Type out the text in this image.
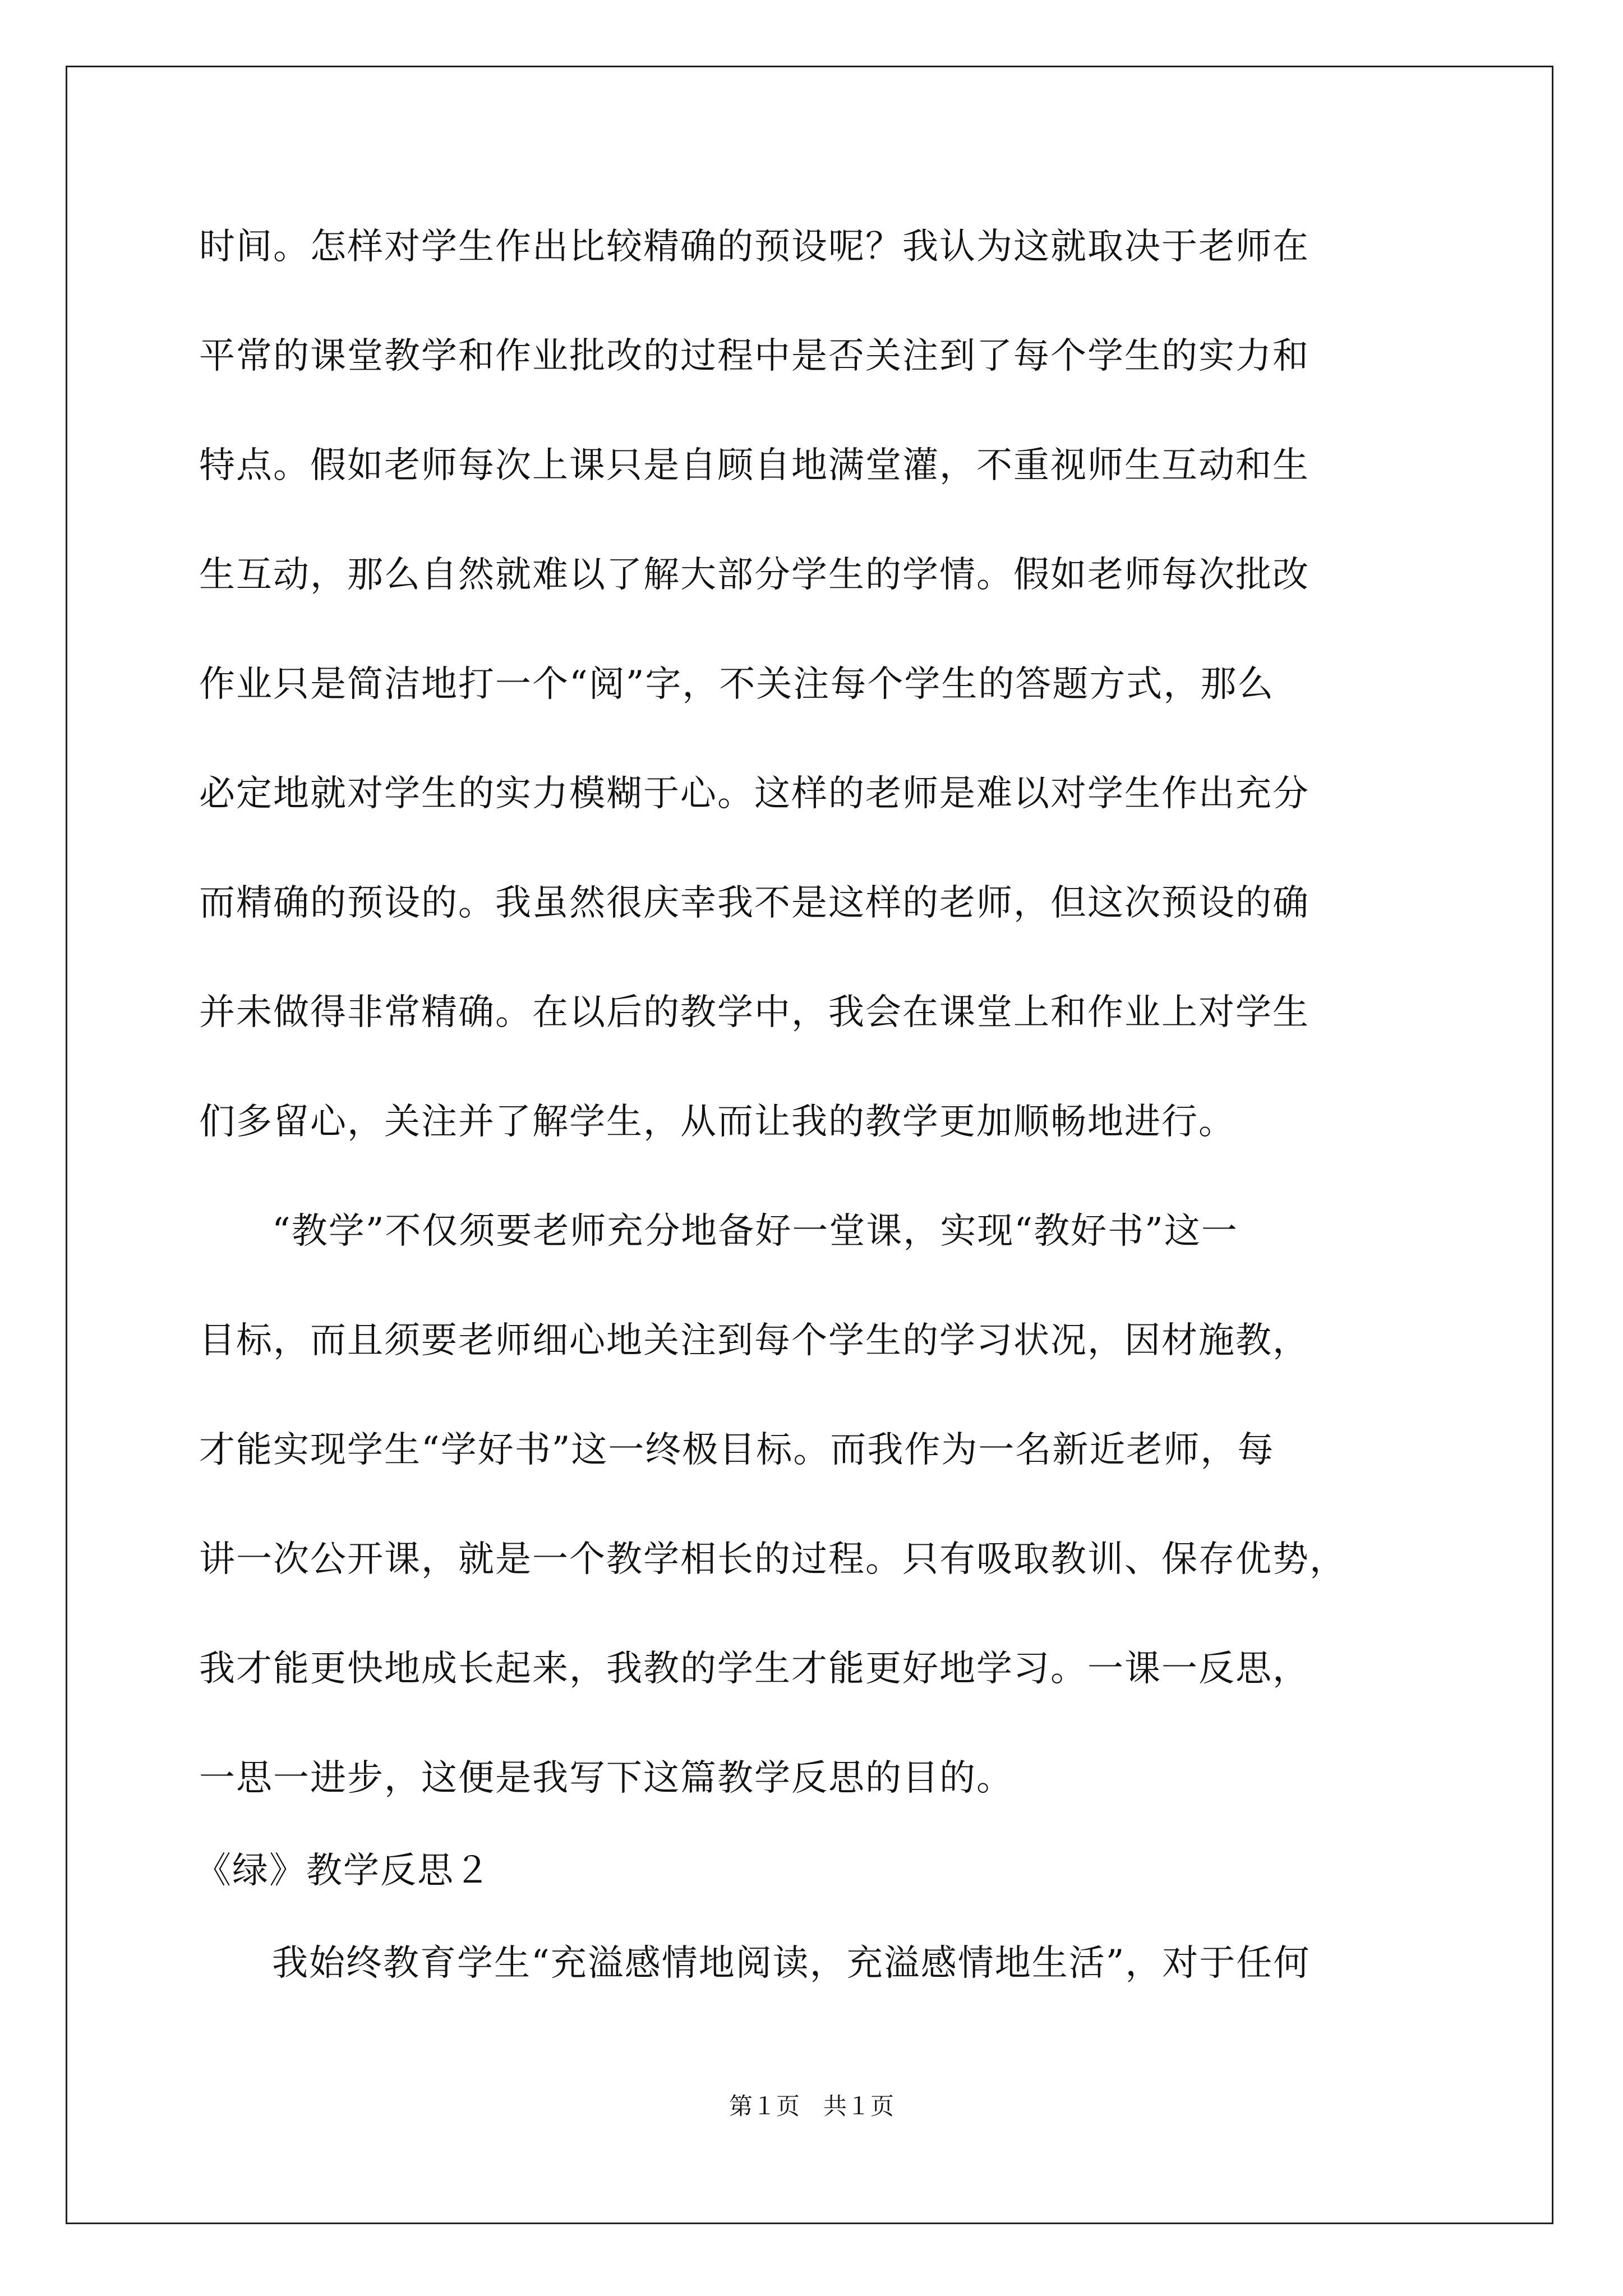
时间。怎样对学生作出比较精确的预设呢？我认为这就取决于老师在
平常的课堂教学和作业批改的过程中是否关注到了每个学生的实力和
特点。假如老师每次上课只是自顾自地满堂灌，不重视师生互动和生
生互动，那么自然就难以了解大部分学生的学情。假如老师每次批改
作业只是简洁地打一个“阅”字，不关注每个学生的答题方式，那么
必定地就对学生的实力模糊于心。这样的老师是难以对学生作出充分
而精确的预设的。我虽然很庆幸我不是这样的老师，但这次预设的确
并未做得非常精确。在以后的教学中，我会在课堂上和作业上对学生
们多留心，关注并了解学生，从而让我的教学更加顺畅地进行。
“教学”不仅须要老师充分地备好一堂课，实现“教好书”这一
目标，而且须要老师细心地关注到每个学生的学习状况，因材施教，
才能实现学生“学好书”这一终极目标。而我作为一名新近老师，每
讲一次公开课，就是一个教学相长的过程。只有吸取教训、保存优势，
我才能更快地成长起来，我教的学生才能更好地学习。一课一反思，
一思一进步，这便是我写下这篇教学反思的目的。
《绿》教学反思２
我始终教育学生“充溢感情地阅读，充溢感情地生活”，对于任何
第１页　共１页
